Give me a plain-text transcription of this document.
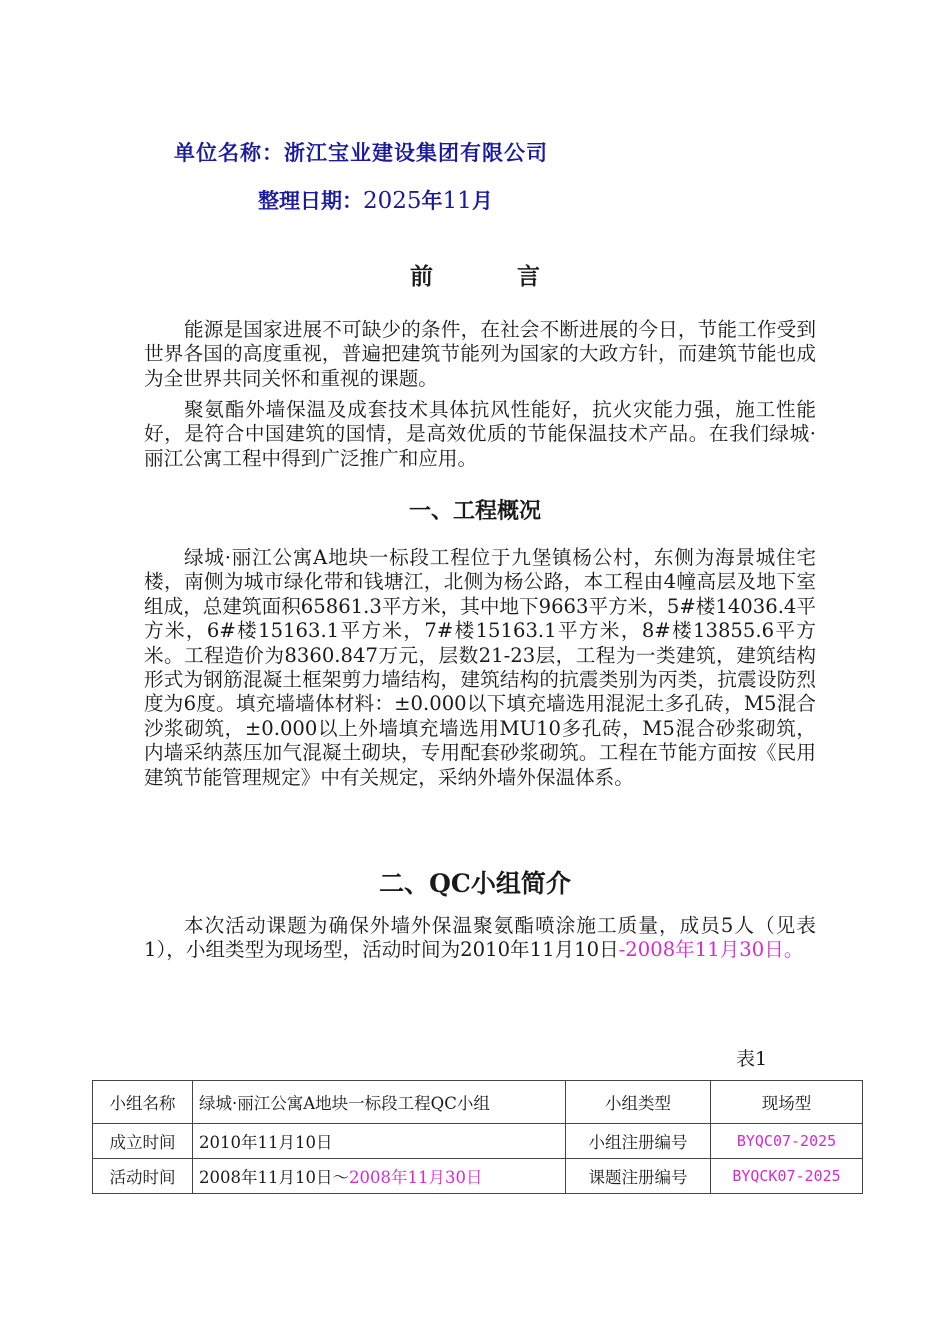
单位名称：浙江宝业建设集团有限公司
整理日期：2025年11月
前言

能源是国家进展不可缺少的条件，在社会不断进展的今日，节能工作受到世界各国的高度重视，普遍把建筑节能列为国家的大政方针，而建筑节能也成为全世界共同关怀和重视的课题。

聚氨酯外墙保温及成套技术具体抗风性能好，抗火灾能力强，施工性能好，是符合中国建筑的国情，是高效优质的节能保温技术产品。在我们绿城·丽江公寓工程中得到广泛推广和应用。

一、工程概况

绿城·丽江公寓A地块一标段工程位于九堡镇杨公村，东侧为海景城住宅楼，南侧为城市绿化带和钱塘江，北侧为杨公路，本工程由4幢高层及地下室组成，总建筑面积65861.3平方米，其中地下9663平方米，5#楼14036.4平方米，6#楼15163.1平方米，7#楼15163.1平方米，8#楼13855.6平方米。工程造价为8360.847万元，层数21-23层，工程为一类建筑，建筑结构形式为钢筋混凝土框架剪力墙结构，建筑结构的抗震类别为丙类，抗震设防烈度为6度。填充墙墙体材料：±0.000以下填充墙选用混泥土多孔砖，M5混合沙浆砌筑，±0.000以上外墙填充墙选用MU10多孔砖，M5混合砂浆砌筑，内墙采纳蒸压加气混凝土砌块，专用配套砂浆砌筑。工程在节能方面按《民用建筑节能管理规定》中有关规定，采纳外墙外保温体系。

二、QC小组简介

本次活动课题为确保外墙外保温聚氨酯喷涂施工质量，成员5人（见表1），小组类型为现场型，活动时间为2010年11月10日-2008年11月30日。

表1
小组名称	绿城·丽江公寓A地块一标段工程QC小组	小组类型	现场型
成立时间	2010年11月10日	小组注册编号	BYQC07-2025
活动时间	2008年11月10日～2008年11月30日	课题注册编号	BYQCK07-2025
